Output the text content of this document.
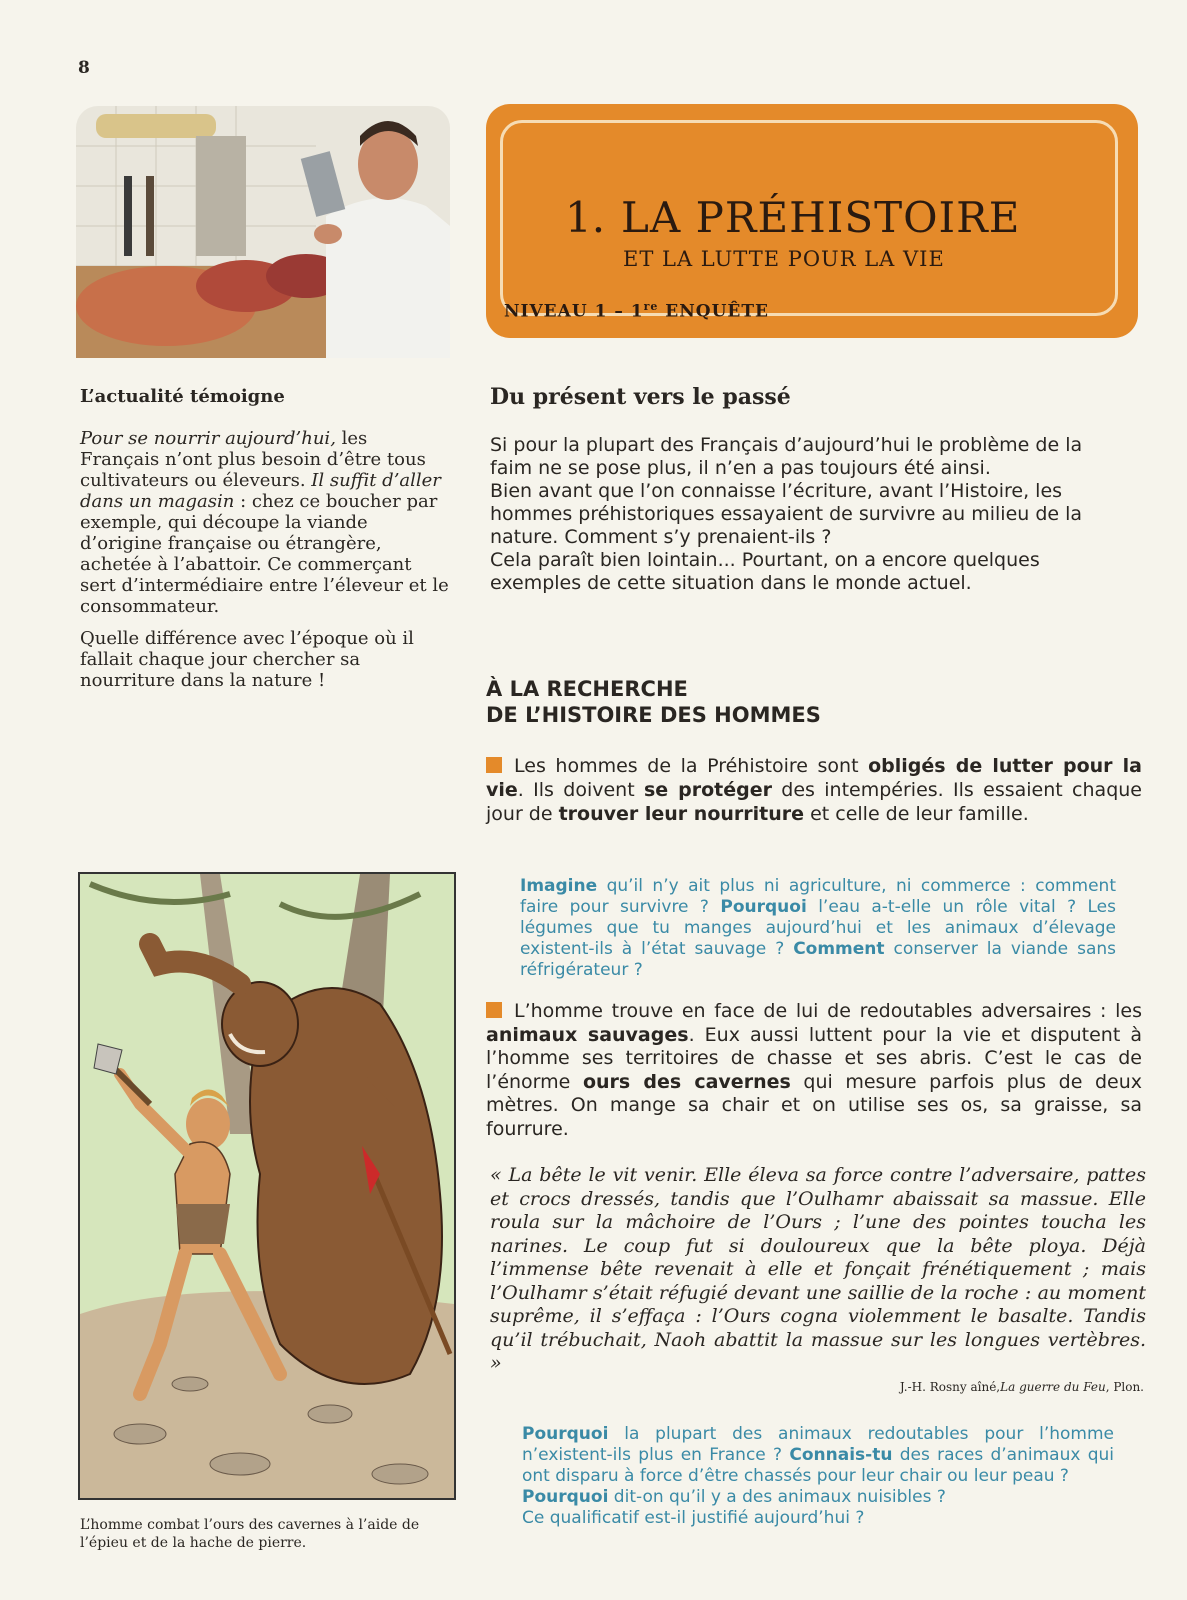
8
1. LA PRÉHISTOIRE
ET LA LUTTE POUR LA VIE
NIVEAU 1 – 1re ENQUÊTE
L’actualité témoigne

Pour se nourrir aujourd’hui, les Français n’ont plus besoin d’être tous cultivateurs ou éleveurs. Il suffit d’aller dans un magasin : chez ce boucher par exemple, qui découpe la viande d’origine française ou étrangère, achetée à l’abattoir. Ce commerçant sert d’intermédiaire entre l’éleveur et le consommateur.

Quelle différence avec l’époque où il fallait chaque jour chercher sa nourriture dans la nature !
Du présent vers le passé
Si pour la plupart des Français d’aujourd’hui le problème de la
faim ne se pose plus, il n’en a pas toujours été ainsi.
Bien avant que l’on connaisse l’écriture, avant l’Histoire, les
hommes préhistoriques essayaient de survivre au milieu de la
nature. Comment s’y prenaient-ils ?
Cela paraît bien lointain... Pourtant, on a encore quelques
exemples de cette situation dans le monde actuel.
À LA RECHERCHE
DE L’HISTOIRE DES HOMMES
Les hommes de la Préhistoire sont obligés de lutter pour la vie. Ils doivent se protéger des intempéries. Ils essaient chaque jour de trouver leur nourriture et celle de leur famille.
Imagine qu’il n’y ait plus ni agriculture, ni commerce : comment faire pour survivre ? Pourquoi l’eau a-t-elle un rôle vital ? Les légumes que tu manges aujourd’hui et les animaux d’élevage existent-ils à l’état sauvage ? Comment conserver la viande sans réfrigérateur ?
L’homme trouve en face de lui de redoutables adversaires : les animaux sauvages. Eux aussi luttent pour la vie et disputent à l’homme ses territoires de chasse et ses abris. C’est le cas de l’énorme ours des cavernes qui mesure parfois plus de deux mètres. On mange sa chair et on utilise ses os, sa graisse, sa fourrure.
« La bête le vit venir. Elle éleva sa force contre l’adversaire, pattes et crocs dressés, tandis que l’Oulhamr abaissait sa massue. Elle roula sur la mâchoire de l’Ours ; l’une des pointes toucha les narines. Le coup fut si douloureux que la bête ploya. Déjà l’immense bête revenait à elle et fonçait frénétiquement ; mais l’Oulhamr s’était réfugié devant une saillie de la roche : au moment suprême, il s’effaça : l’Ours cogna violemment le basalte. Tandis qu’il trébuchait, Naoh abattit la massue sur les longues vertèbres. »
J.-H. Rosny aîné,La guerre du Feu, Plon.
Pourquoi la plupart des animaux redoutables pour l’homme n’existent-ils plus en France ? Connais-tu des races d’animaux qui ont disparu à force d’être chassés pour leur chair ou leur peau ?
Pourquoi dit-on qu’il y a des animaux nuisibles ?
Ce qualificatif est-il justifié aujourd’hui ?
L’homme combat l’ours des cavernes à l’aide de l’épieu et de la hache de pierre.
